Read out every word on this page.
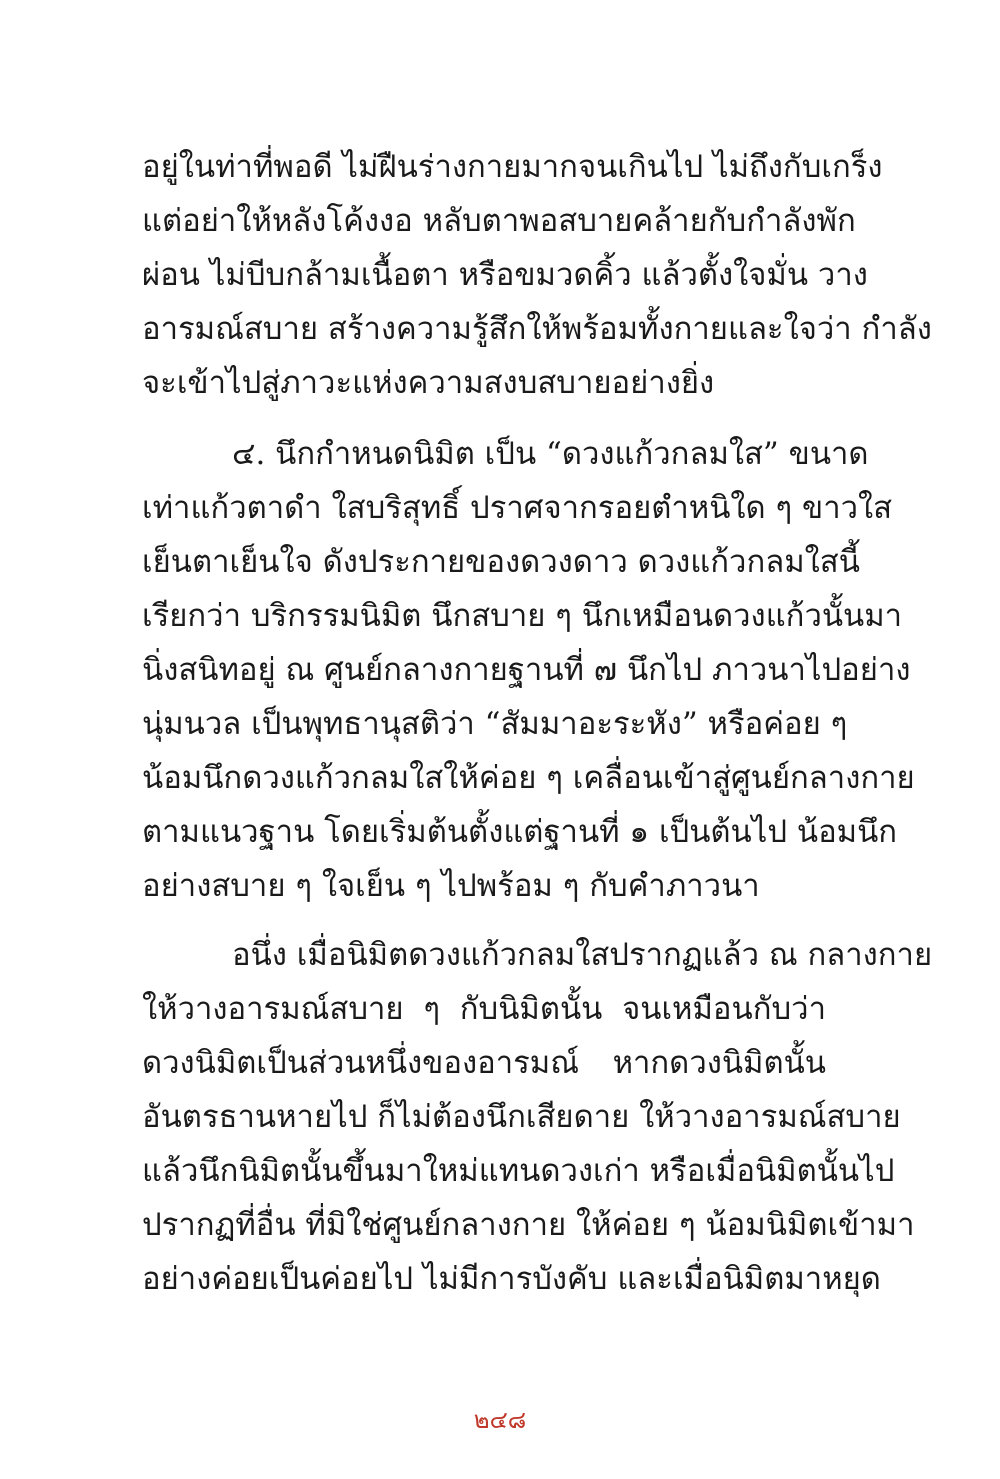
อยู่ในท่าที่พอดี ไม่ฝืนร่างกายมากจนเกินไป ไม่ถึงกับเกร็ง
แต่อย่าให้หลังโค้งงอ หลับตาพอสบายคล้ายกับกำลังพัก
ผ่อน ไม่บีบกล้ามเนื้อตา หรือขมวดคิ้ว แล้วตั้งใจมั่น วาง
อารมณ์สบาย สร้างความรู้สึกให้พร้อมทั้งกายและใจว่า กำลัง
จะเข้าไปสู่ภาวะแห่งความสงบสบายอย่างยิ่ง
๔. นึกกำหนดนิมิต เป็น “ดวงแก้วกลมใส” ขนาด
เท่าแก้วตาดำ ใสบริสุทธิ์ ปราศจากรอยตำหนิใด ๆ ขาวใส
เย็นตาเย็นใจ ดังประกายของดวงดาว ดวงแก้วกลมใสนี้
เรียกว่า บริกรรมนิมิต นึกสบาย ๆ นึกเหมือนดวงแก้วนั้นมา
นิ่งสนิทอยู่ ณ ศูนย์กลางกายฐานที่ ๗ นึกไป ภาวนาไปอย่าง
นุ่มนวล เป็นพุทธานุสติว่า “สัมมาอะระหัง” หรือค่อย ๆ
น้อมนึกดวงแก้วกลมใสให้ค่อย ๆ เคลื่อนเข้าสู่ศูนย์กลางกาย
ตามแนวฐาน โดยเริ่มต้นตั้งแต่ฐานที่ ๑ เป็นต้นไป น้อมนึก
อย่างสบาย ๆ ใจเย็น ๆ ไปพร้อม ๆ กับคำภาวนา
อนึ่ง เมื่อนิมิตดวงแก้วกลมใสปรากฏแล้ว ณ กลางกาย
ให้วางอารมณ์สบาย ๆ กับนิมิตนั้น จนเหมือนกับว่า
ดวงนิมิตเป็นส่วนหนึ่งของอารมณ์ หากดวงนิมิตนั้น
อันตรธานหายไป ก็ไม่ต้องนึกเสียดาย ให้วางอารมณ์สบาย
แล้วนึกนิมิตนั้นขึ้นมาใหม่แทนดวงเก่า หรือเมื่อนิมิตนั้นไป
ปรากฏที่อื่น ที่มิใช่ศูนย์กลางกาย ให้ค่อย ๆ น้อมนิมิตเข้ามา
อย่างค่อยเป็นค่อยไป ไม่มีการบังคับ และเมื่อนิมิตมาหยุด
๒๔๘
